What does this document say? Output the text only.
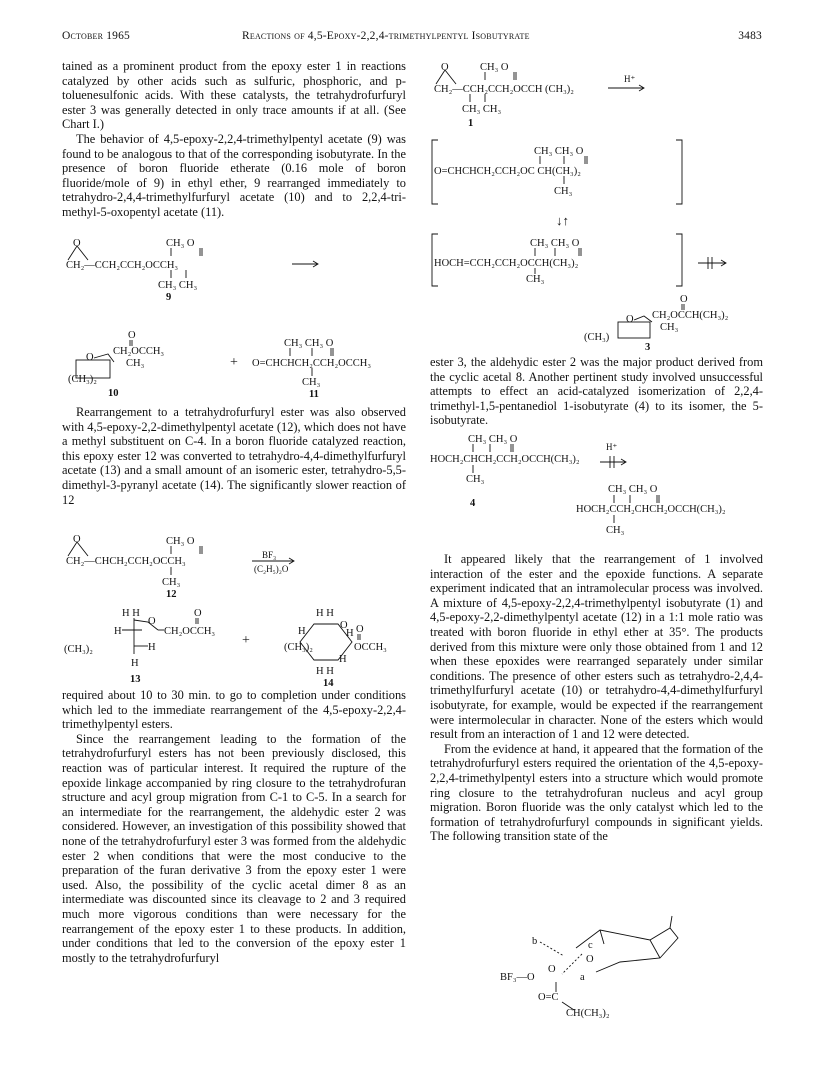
October 1965	Reactions of 4,5-Epoxy-2,2,4-trimethylpentyl Isobutyrate	3483

tained as a prominent product from the epoxy ester 1 in reactions catalyzed by other acids such as sulfuric, phosphoric, and p-toluenesulfonic acids. With these catalysts, the tetrahydrofurfuryl ester 3 was generally detected in only trace amounts if at all. (See Chart I.)

The behavior of 4,5-epoxy-2,2,4-trimethylpentyl acetate (9) was found to be analogous to that of the corresponding isobutyrate. In the presence of boron fluoride etherate (0.16 mole of boron fluoride/mole of 9) in ethyl ether, 9 rearranged immediately to tetrahydro-2,4,4-trimethylfurfuryl acetate (10) and to 2,2,4-tri-methyl-5-oxopentyl acetate (11).

O	CH₃ O
CH₂—CCH₂CCH₂OCCH₃
CH₃ CH₃
9
O
CH₂OCCH₃
O
CH₃
(CH₃)₂
10
+
CH₃ CH₃ O
O=CHCHCH₂CCH₂OCCH₃
CH₃
11

Rearrangement to a tetrahydrofurfuryl ester was also observed with 4,5-epoxy-2,2-dimethylpentyl acetate (12), which does not have a methyl substituent on C-4. In a boron fluoride catalyzed reaction, this epoxy ester 12 was converted to tetrahydro-4,4-dimethylfurfuryl acetate (13) and a small amount of an isomeric ester, tetrahydro-5,5-dimethyl-3-pyranyl acetate (14). The significantly slower reaction of 12

O	CH₃ O
CH₂—CHCH₂CCH₂OCCH₃
CH₃
12
BF₃
(C₂H₅)₂O
H H
O
O
H	CH₂OCCH₃
(CH₃)₂	H
H
13
+
H H
O O
H	H
(CH₃)₂	OCCH₃
H
H H
14

required about 10 to 30 min. to go to completion under conditions which led to the immediate rearrangement of the 4,5-epoxy-2,2,4-trimethylpentyl esters.

Since the rearrangement leading to the formation of the tetrahydrofurfuryl esters has not been previously disclosed, this reaction was of particular interest. It required the rupture of the epoxide linkage accompanied by ring closure to the tetrahydrofuran structure and acyl group migration from C-1 to C-5. In a search for an intermediate for the rearrangement, the aldehydic ester 2 was considered. However, an investigation of this possibility showed that none of the tetrahydrofurfuryl ester 3 was formed from the aldehydic ester 2 when conditions that were the most conducive to the preparation of the furan derivative 3 from the epoxy ester 1 were used. Also, the possibility of the cyclic acetal dimer 8 as an intermediate was discounted since its cleavage to 2 and 3 required much more vigorous conditions than were necessary for the rearrangement of the epoxy ester 1 to these products. In addition, under conditions that led to the conversion of the epoxy ester 1 mostly to the tetrahydrofurfuryl

O	CH₃ O
CH₂—CCH₂CCH₂OCCH (CH₃)₂
CH₃ CH₃
1
H⁺
CH₃ CH₃ O
O=CHCHCH₂CCH₂OC CH(CH₃)₂
CH₃
↓↑
CH₃ CH₃ O
HOCH=CCH₂CCH₂OCCH(CH₃)₂
CH₃
O
CH₂OCCH(CH₃)₂
O
CH₃
(CH₃)
3

ester 3, the aldehydic ester 2 was the major product derived from the cyclic acetal 8. Another pertinent study involved unsuccessful attempts to effect an acid-catalyzed isomerization of 2,2,4-trimethyl-1,5-pentanediol 1-isobutyrate (4) to its isomer, the 5-isobutyrate.

CH₃ CH₃ O
HOCH₂CHCH₂CCH₂OCCH(CH₃)₂
CH₃
4
H⁺
CH₃ CH₃ O
HOCH₂CCH₂CHCH₂OCCH(CH₃)₂
CH₃

It appeared likely that the rearrangement of 1 involved interaction of the ester and the epoxide functions. A separate experiment indicated that an intramolecular process was involved. A mixture of 4,5-epoxy-2,2,4-trimethylpentyl isobutyrate (1) and 4,5-epoxy-2,2-dimethylpentyl acetate (12) in a 1:1 mole ratio was treated with boron fluoride in ethyl ether at 35°. The products derived from this mixture were only those obtained from 1 and 12 when these epoxides were rearranged separately under similar conditions. The presence of other esters such as tetrahydro-2,4,4-trimethylfurfuryl acetate (10) or tetrahydro-4,4-dimethylfurfuryl isobutyrate, for example, would be expected if the rearrangement were intermolecular in character. None of the esters which would result from an interaction of 1 and 12 were detected.

From the evidence at hand, it appeared that the formation of the tetrahydrofurfuryl esters required the orientation of the 4,5-epoxy-2,2,4-trimethylpentyl esters into a structure which would promote ring closure to the tetrahydrofuran nucleus and acyl group migration. Boron fluoride was the only catalyst which led to the formation of tetrahydrofurfuryl compounds in significant yields. The following transition state of the

b	c
O
a
BF₃—O
O
O=C
CH(CH₃)₂
